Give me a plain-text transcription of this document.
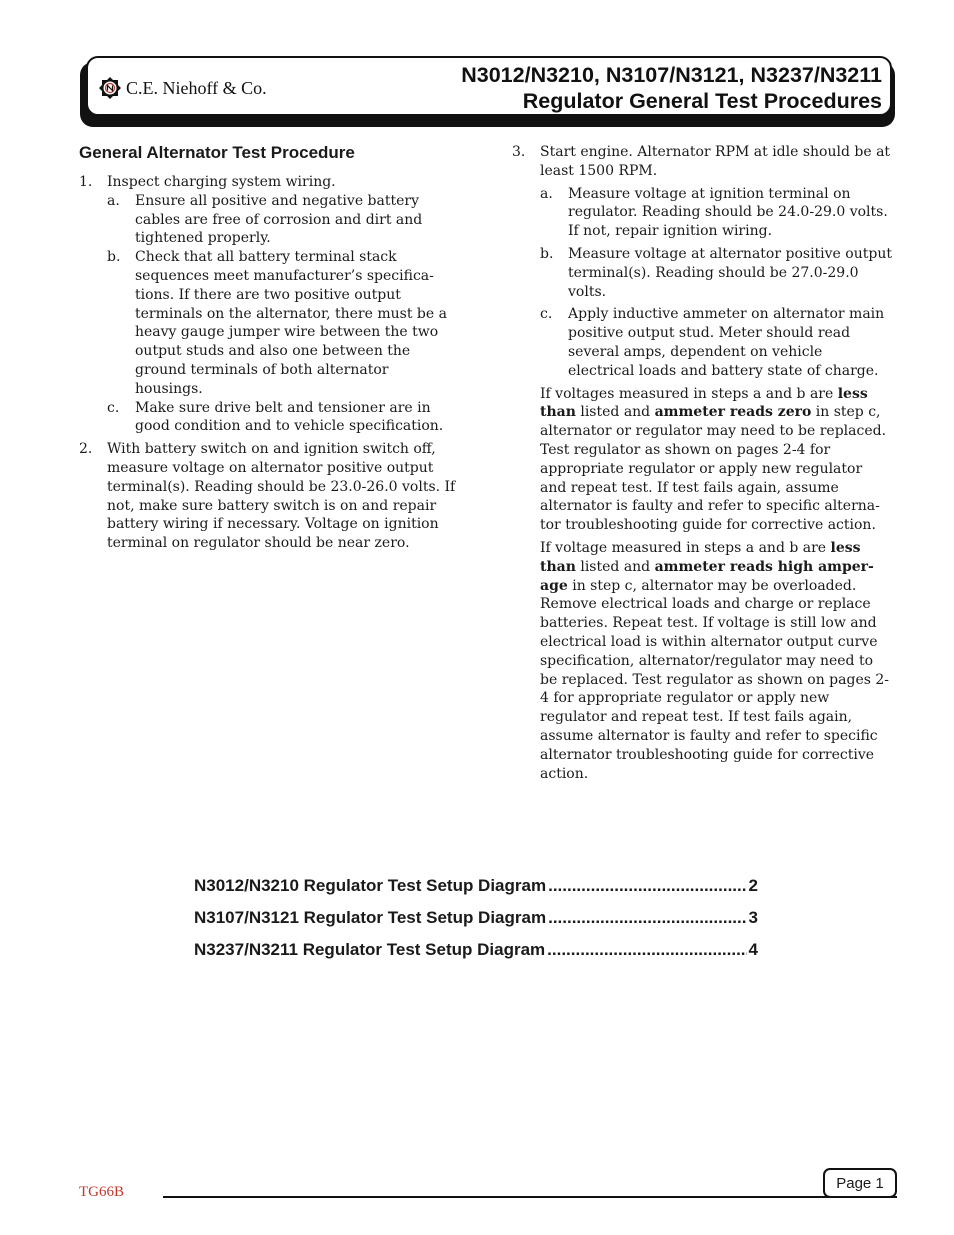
C.E. Niehoff & Co.
N3012/N3210, N3107/N3121, N3237/N3211
Regulator General Test Procedures
General Alternator Test Procedure
1.	Inspect charging system wiring.
a.	Ensure all positive and negative battery cables are free of corrosion and dirt and tightened properly.
b.	Check that all battery terminal stack sequences meet manufacturer’s specifica-tions. If there are two positive output terminals on the alternator, there must be a heavy gauge jumper wire between the two output studs and also one between the ground terminals of both alternator housings.
c.	Make sure drive belt and tensioner are in good condition and to vehicle specification.
2.	With battery switch on and ignition switch off, measure voltage on alternator positive output terminal(s). Reading should be 23.0-26.0 volts. If not, make sure battery switch is on and repair battery wiring if necessary. Voltage on ignition terminal on regulator should be near zero.
3.	Start engine. Alternator RPM at idle should be at least 1500 RPM.
a.	Measure voltage at ignition terminal on regulator. Reading should be 24.0-29.0 volts. If not, repair ignition wiring.
b.	Measure voltage at alternator positive output terminal(s). Reading should be 27.0-29.0 volts.
c.	Apply inductive ammeter on alternator main positive output stud. Meter should read several amps, dependent on vehicle electrical loads and battery state of charge.

If voltages measured in steps a and b are less than listed and ammeter reads zero in step c, alternator or regulator may need to be replaced. Test regulator as shown on pages 2-4 for appropriate regulator or apply new regulator and repeat test. If test fails again, assume alternator is faulty and refer to specific alterna-tor troubleshooting guide for corrective action.

If voltage measured in steps a and b are less than listed and ammeter reads high amper-age in step c, alternator may be overloaded. Remove electrical loads and charge or replace batteries. Repeat test. If voltage is still low and electrical load is within alternator output curve specification, alternator/regulator may need to be replaced. Test regulator as shown on pages 2-4 for appropriate regulator or apply new regulator and repeat test. If test fails again, assume alternator is faulty and refer to specific alternator troubleshooting guide for corrective action.

N3012/N3210 Regulator Test Setup Diagram .....	2
N3107/N3121 Regulator Test Setup Diagram .....	3
N3237/N3211 Regulator Test Setup Diagram .....	4
TG66B
Page 1
